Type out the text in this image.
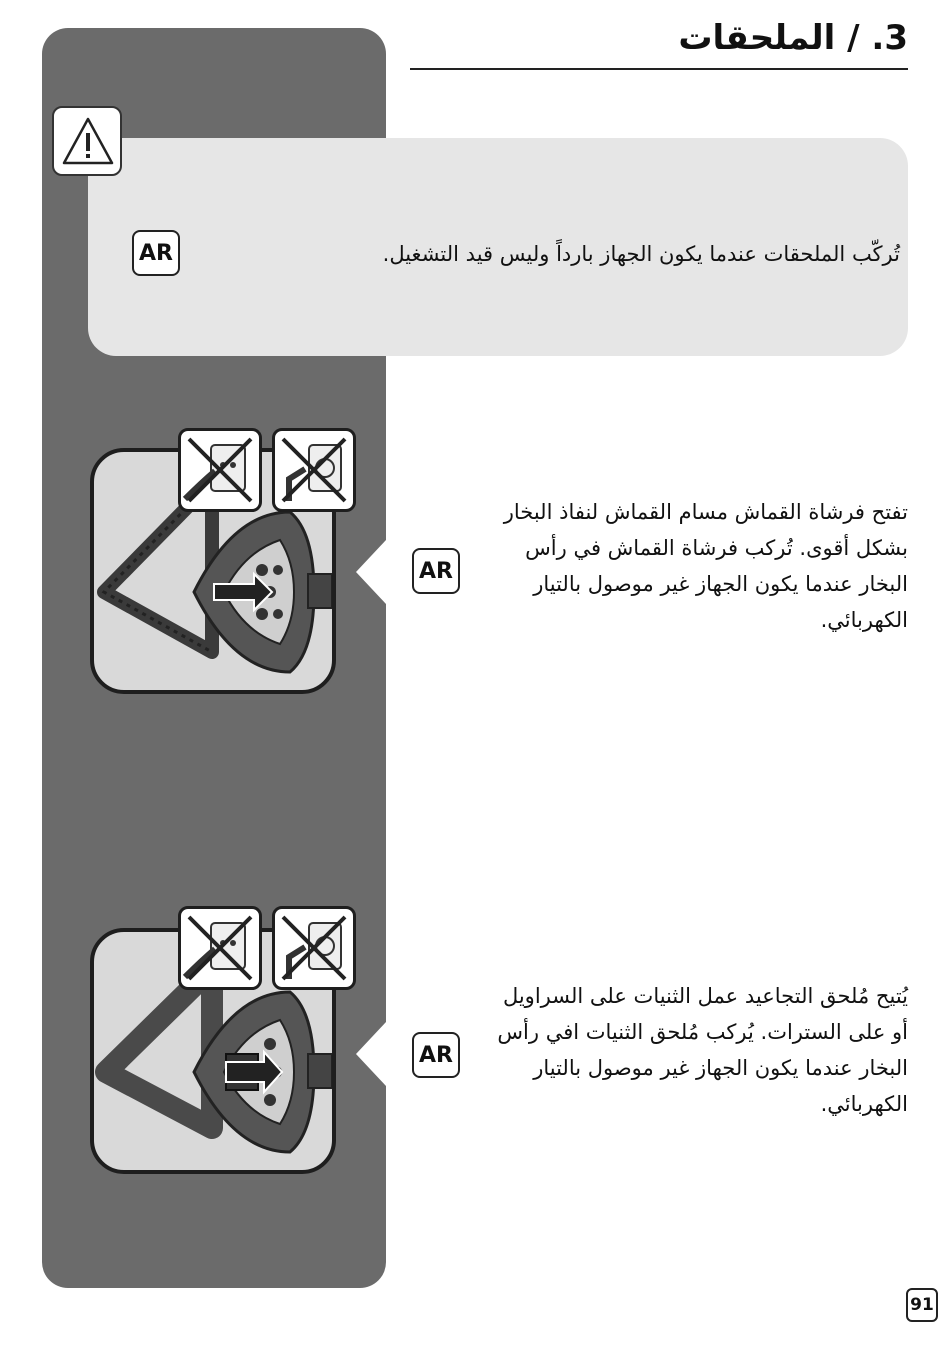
3. / الملحقات
AR	تُركّب الملحقات عندما يكون الجهاز بارداً وليس قيد التشغيل.
AR
تفتح فرشاة القماش مسام القماش لنفاذ البخار
بشكل أقوى. تُركب فرشاة القماش في رأس
البخار عندما يكون الجهاز غير موصول بالتيار
الكهربائي.
AR
يُتيح مُلحق التجاعيد عمل الثنيات على السراويل
أو على السترات. يُركب مُلحق الثنيات افي رأس
البخار عندما يكون الجهاز غير موصول بالتيار
الكهربائي.
91
